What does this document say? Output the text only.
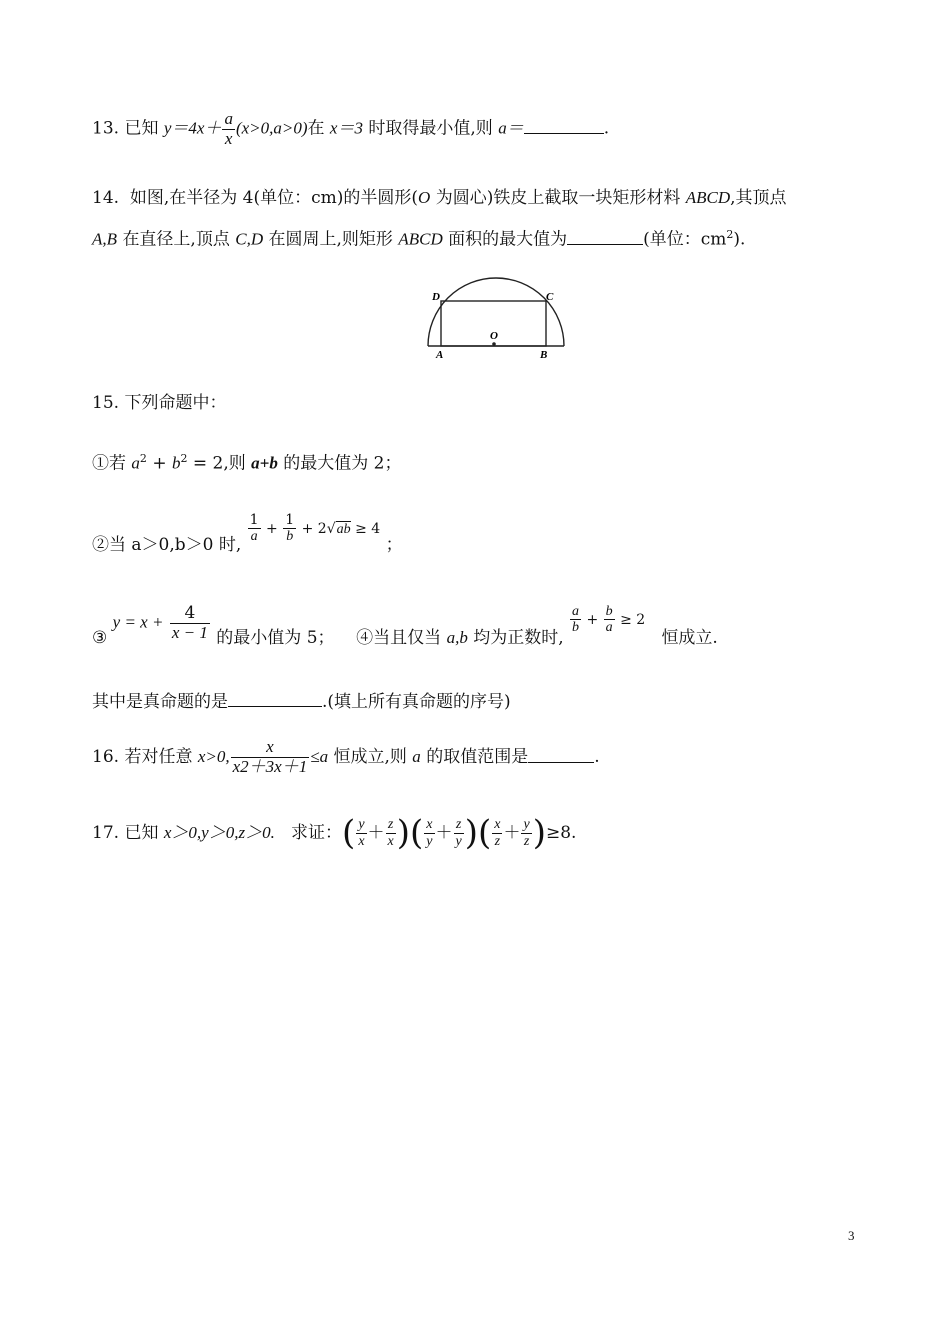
13. 已知 $y=4x+ \frac{a}{x} (x>0,a>0)$在 x＝3 时取得最小值,则 a＝	.
14. 如图,在半径为 4(单位：cm)的半圆形(O 为圆心)铁皮上截取一块矩形材料 ABCD,其顶点
A,B 在直径上,顶点 C,D 在圆周上,则矩形 ABCD 面积的最大值为	(单位：$cm^2$).
D	C
O
A	B
15. 下列命题中：
①若 $a^2 + b^2 = 2$,则 a+b 的最大值为 2；
②当 a＞0,b＞0 时,
$\frac{1}{a} + \frac{1}{b} + 2√ab \ge 4$ ；
③ $y = x + \frac{4}{x - 1}$ 的最小值为 5； ④当且仅当 a,b 均为正数时,
$\frac{a}{b} + \frac{b}{a} \ge 2$   恒成立.
其中是真命题的是	.(填上所有真命题的序号)
16. 若对任意 x>0, $\frac{x}{x2+3x+1} \le a$ 恒成立,则 a 的取值范围是	.
17. 已知 x＞0,y＞0,z＞0. 求证：( $\frac{y}{x} + \frac{z}{x}$ )( $\frac{x}{y} + \frac{z}{y}$ )( $\frac{x}{z} + \frac{y}{z} )\ge 8$.
3
